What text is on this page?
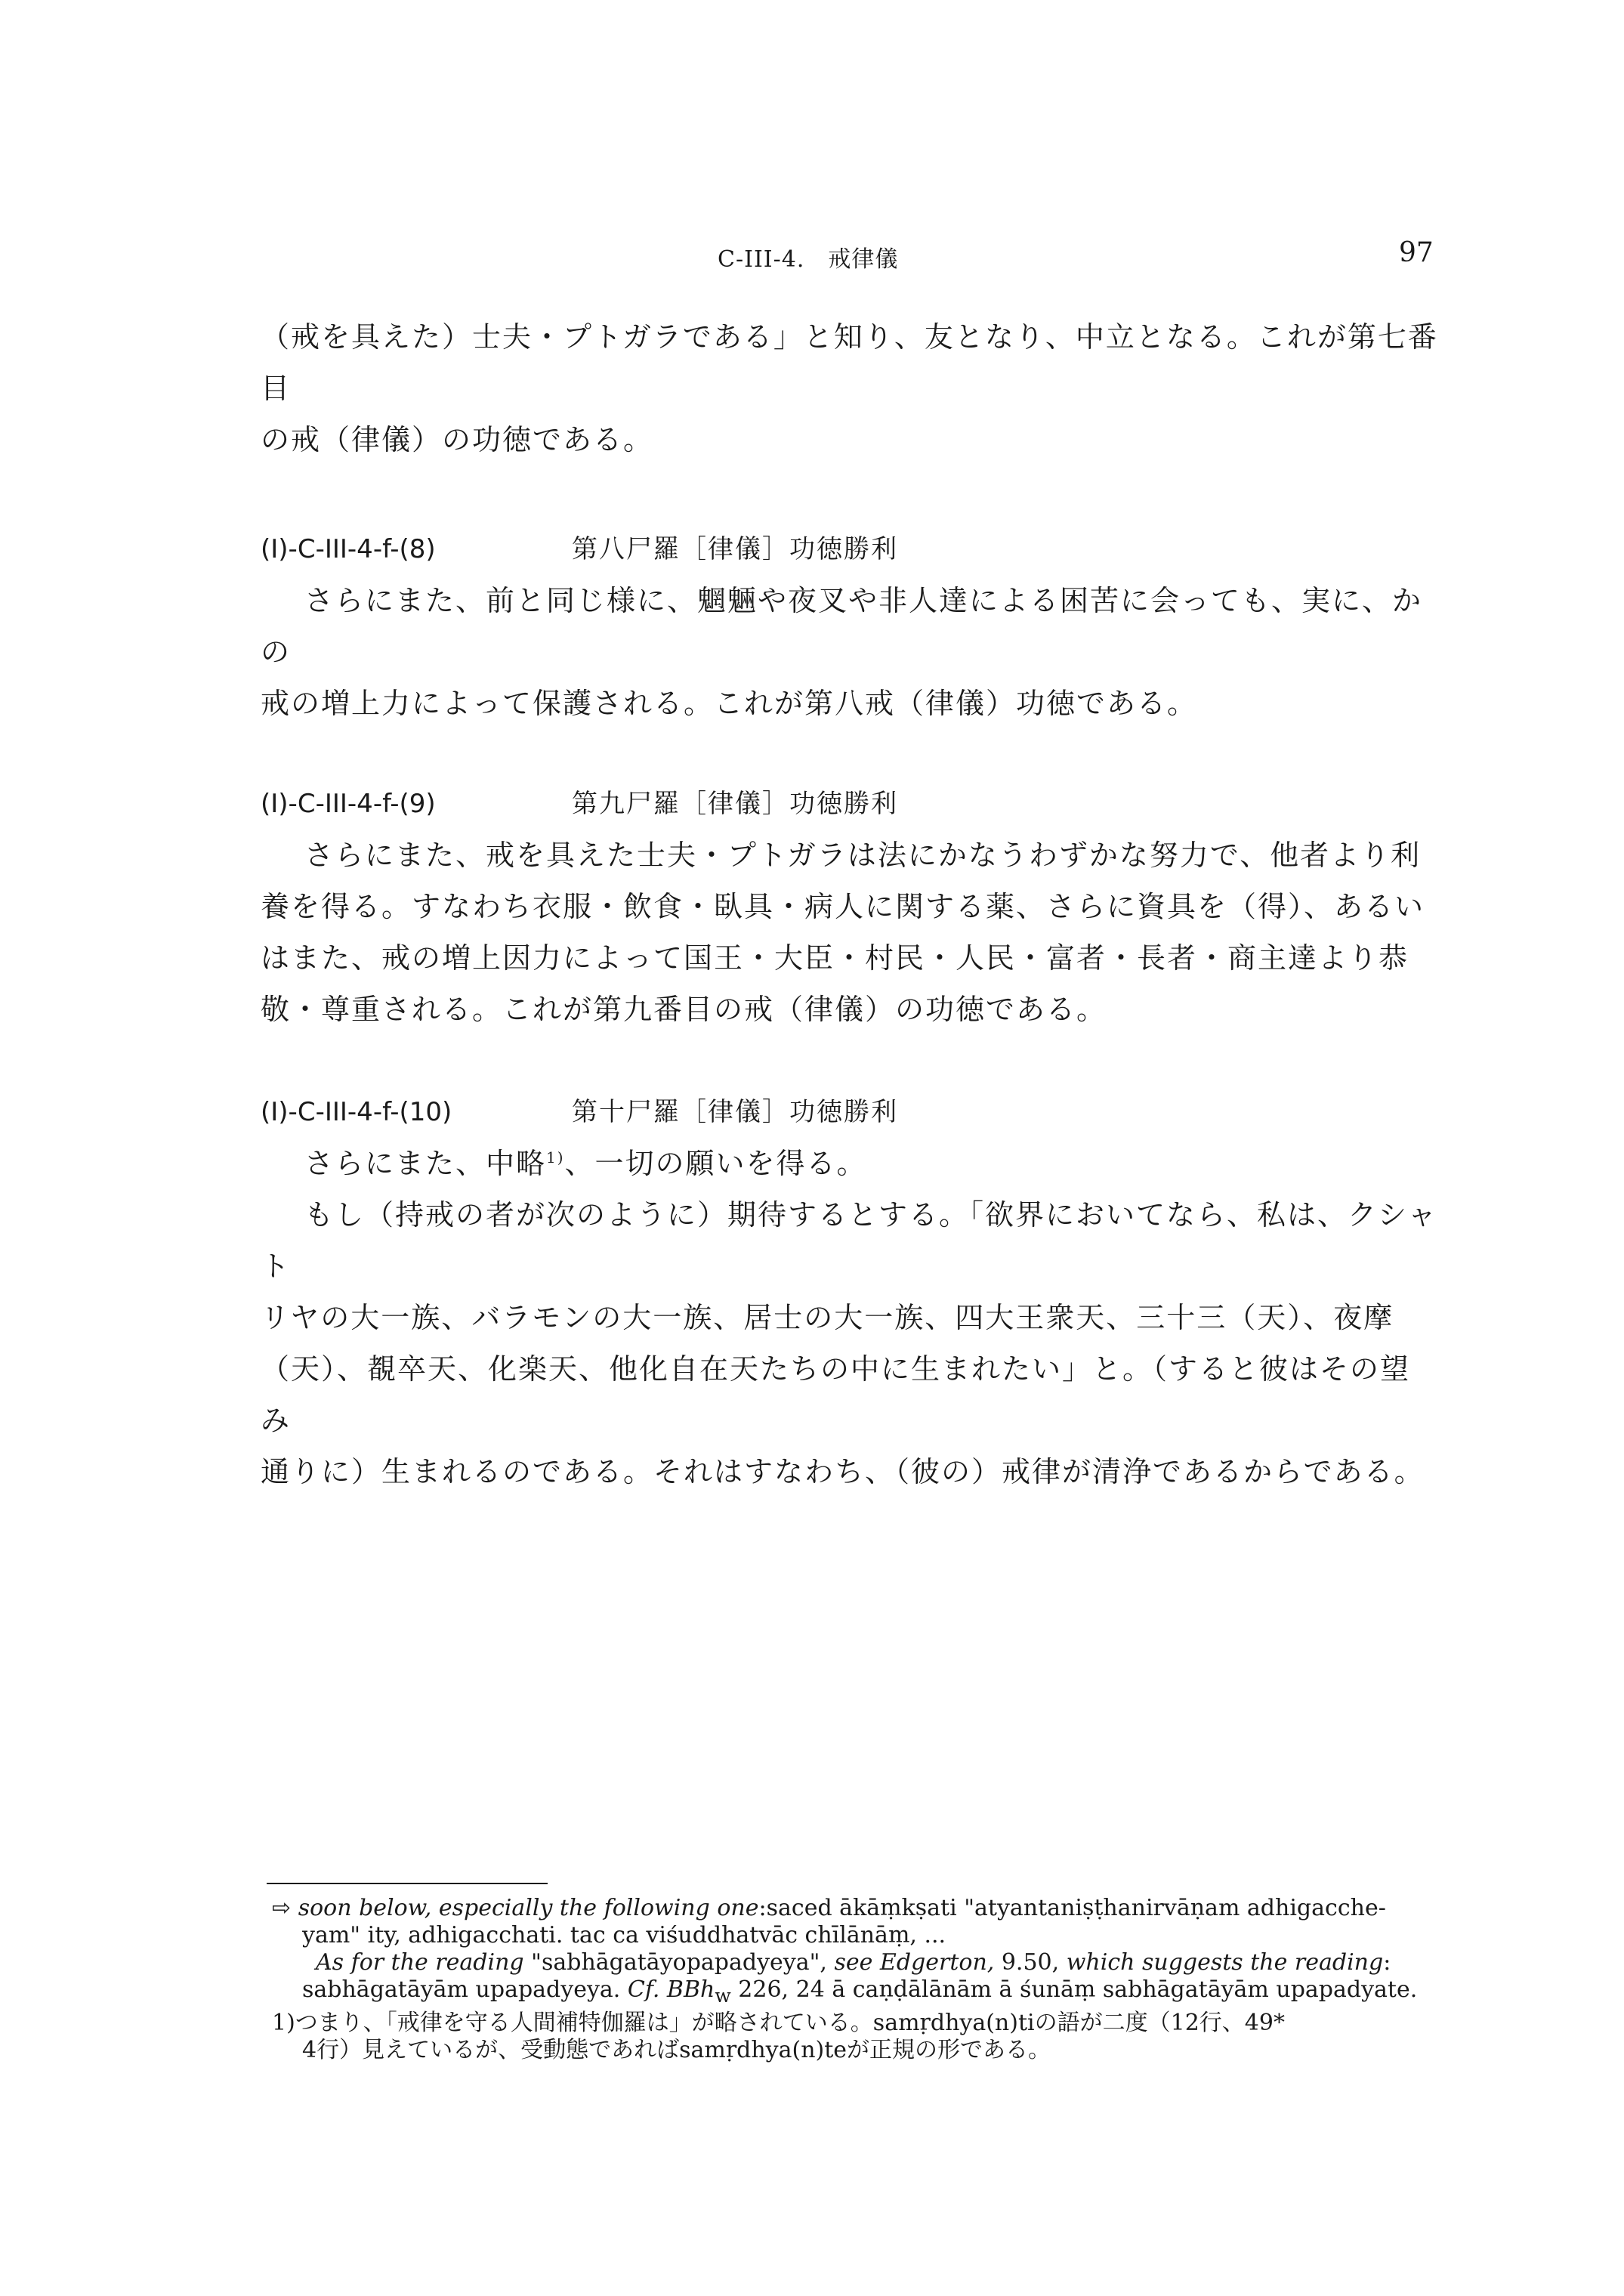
C-III-4.　戒律儀	97
（戒を具えた）士夫・プトガラである」と知り、友となり、中立となる。これが第七番目
の戒（律儀）の功徳である。
(I)-C-III-4-f-(8)	第八尸羅［律儀］功徳勝利

さらにまた、前と同じ様に、魍魎や夜叉や非人達による困苦に会っても、実に、かの

戒の増上力によって保護される。これが第八戒（律儀）功徳である。

(I)-C-III-4-f-(9)	第九尸羅［律儀］功徳勝利

さらにまた、戒を具えた士夫・プトガラは法にかなうわずかな努力で、他者より利

養を得る。すなわち衣服・飲食・臥具・病人に関する薬、さらに資具を（得）、あるい

はまた、戒の増上因力によって国王・大臣・村民・人民・富者・長者・商主達より恭

敬・尊重される。これが第九番目の戒（律儀）の功徳である。

(I)-C-III-4-f-(10)	第十尸羅［律儀］功徳勝利

さらにまた、中略$^{1)}$、一切の願いを得る。

もし（持戒の者が次のように）期待するとする。「欲界においてなら、私は、クシャト

リヤの大一族、バラモンの大一族、居士の大一族、四大王衆天、三十三（天）、夜摩

（天）、覩卒天、化楽天、他化自在天たちの中に生まれたい」と。（すると彼はその望み

通りに）生まれるのである。それはすなわち、（彼の）戒律が清浄であるからである。

⇨ soon below, especially the following one:saced ākāṃkṣati "atyantaniṣṭhanirvāṇam adhigacche-

yam" ity, adhigacchati. tac ca viśuddhatvāc chīlānāṃ, ...

As for the reading "sabhāgatāyopapadyeya", see Edgerton, 9.50, which suggests the reading: sabhāgatāyām upapadyeya. Cf. BBh$_w$ 226, 24 ā caṇḍālānām ā śunāṃ sabhāgatāyām upapadyate.

1)つまり、「戒律を守る人間補特伽羅は」が略されている。samṛdhya(n)tiの語が二度（12行、49*

4行）見えているが、受動態であればsamṛdhya(n)teが正規の形である。
